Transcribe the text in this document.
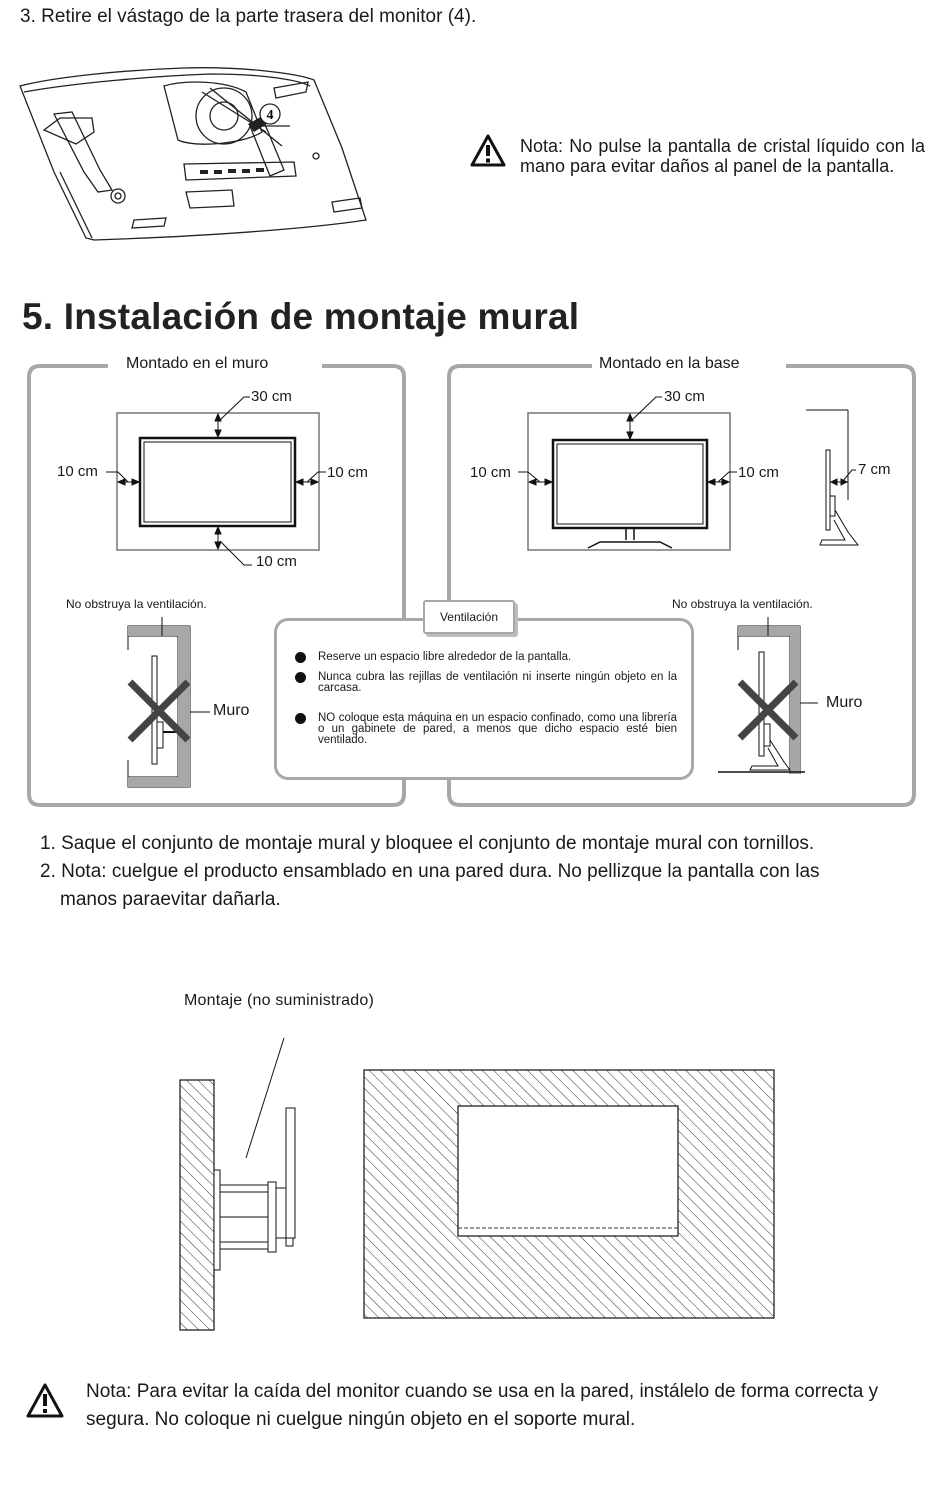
3. Retire el vástago de la parte trasera del monitor (4).
4
Nota: No pulse la pantalla de cristal líquido con la mano para evitar daños al panel de la pantalla.
5. Instalación de montaje mural
Montado en el muro	Montado en la base
30 cm
10 cm	10 cm
10 cm
No obstruya la ventilación.
Muro
30 cm
10 cm	10 cm	7 cm
No obstruya la ventilación.
Muro
Reserve un espacio libre alrededor de la pantalla.
Nunca cubra las rejillas de ventilación ni inserte ningún objeto en la carcasa.
NO coloque esta máquina en un espacio confinado, como una librería o un gabinete de pared, a menos que dicho espacio esté bien ventilado.
Ventilación
1. Saque el conjunto de montaje mural y bloquee el conjunto de montaje mural con tornillos.
2. Nota: cuelgue el producto ensamblado en una pared dura. No pellizque la pantalla con las
manos paraevitar dañarla.
Montaje (no suministrado)
Nota: Para evitar la caída del monitor cuando se usa en la pared, instálelo de forma correcta y segura. No coloque ni cuelgue ningún objeto en el soporte mural.
